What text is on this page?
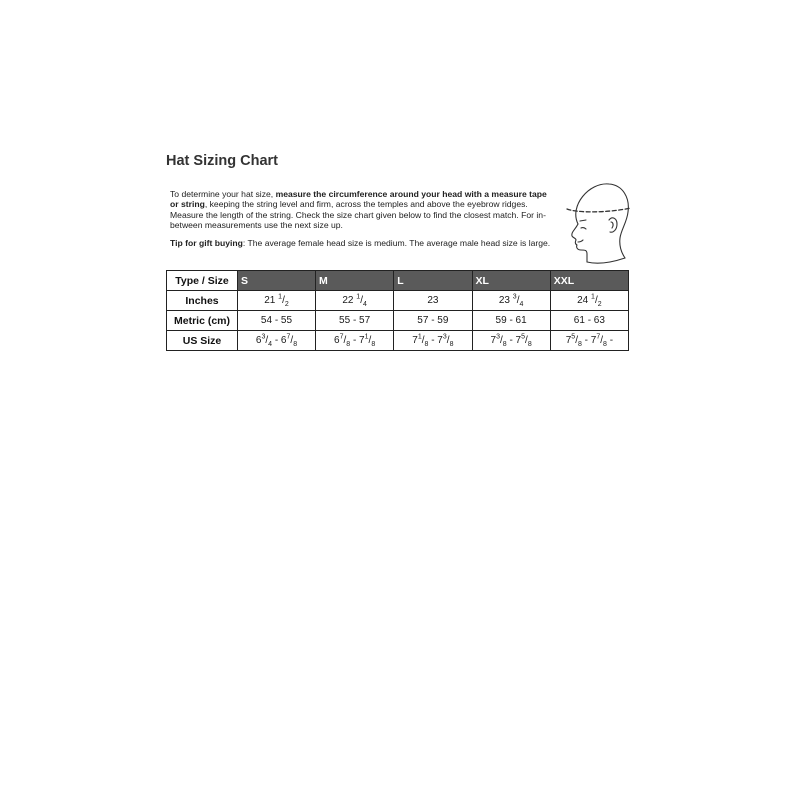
Hat Sizing Chart
To determine your hat size, measure the circumference around your head with a measure tape or string, keeping the string level and firm, across the temples and above the eyebrow ridges. Measure the length of the string. Check the size chart given below to find the closest match. For in-between measurements use the next size up.
Tip for gift buying: The average female head size is medium. The average male head size is large.
Type / Size	S	M	L	XL	XXL
Inches	21 $^1/_2$	22 $^1/_4$	23	23 $^3/_4$	24 $^1/_2$
Metric (cm)	54 - 55	55 - 57	57 - 59	59 - 61	61 - 63
US Size	$6^3/_4 - 6^7/_8$	$6^7/_8 - 7^1/_8$	$7^1/_8 - 7^3/_8$	$7^3/_8 - 7^5/_8$	$7^5/_8 - 7^7/_8$ -
